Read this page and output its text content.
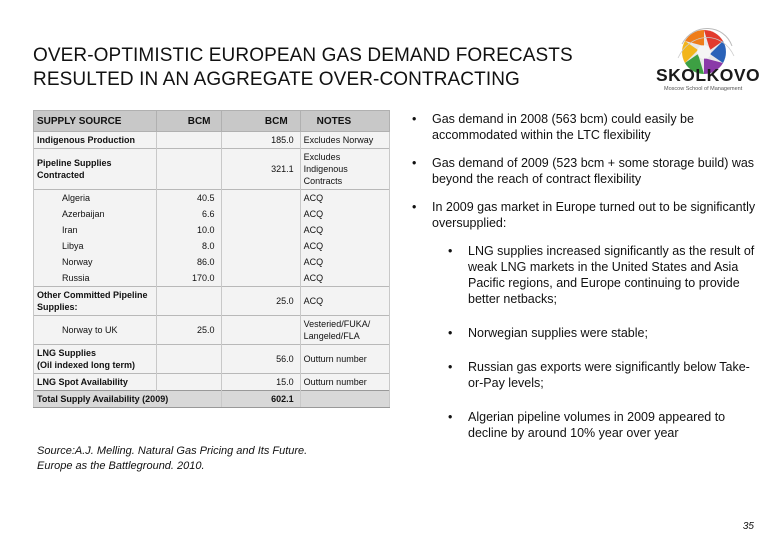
OVER-OPTIMISTIC EUROPEAN GAS DEMAND FORECASTS
RESULTED IN AN AGGREGATE OVER-CONTRACTING	SKOLKOVO
Moscow School of Management
SUPPLY SOURCE	BCM	BCM	NOTES
Indigenous Production		185.0	Excludes Norway
Pipeline Supplies Contracted		321.1	Excludes
Indigenous
Contracts

Algeria	40.5		ACQ
Azerbaijan	6.6		ACQ
Iran	10.0		ACQ
Libya	8.0		ACQ
Norway	86.0		ACQ
Russia	170.0		ACQ

Other Committed Pipeline
Supplies:		25.0	ACQ
Norway to UK	25.0		Vesteried/FUKA/
Langeled/FLA

LNG Supplies
(Oil indexed long term)		56.0	Outturn number
LNG Spot Availability		15.0	Outturn number
Total Supply Availability (2009)		602.1	
• Gas demand in 2008 (563 bcm) could easily be accommodated within the LTC flexibility
• Gas demand of 2009 (523 bcm + some storage build) was beyond the reach of contract flexibility
• In 2009 gas market in Europe turned out to be significantly oversupplied:
• LNG supplies increased significantly as the result of weak LNG markets in the United States and Asia Pacific regions, and Europe continuing to provide better netbacks;
• Norwegian supplies were stable;
• Russian gas exports were significantly below Take-or-Pay levels;
• Algerian pipeline volumes in 2009 appeared to decline by around 10% year over year
Source:A.J. Melling. Natural Gas Pricing and Its Future.
Europe as the Battleground. 2010.
35
